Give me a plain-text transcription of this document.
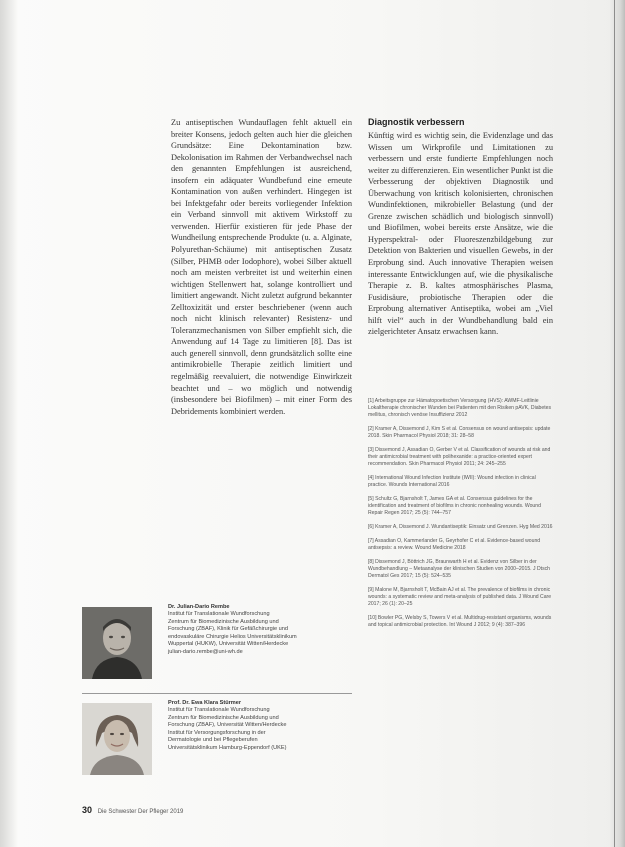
Zu antiseptischen Wundauflagen fehlt aktuell ein breiter Konsens, jedoch gelten auch hier die gleichen Grundsätze: Eine Dekontamination bzw. Dekolonisation im Rahmen der Verbandwechsel nach den genannten Empfehlungen ist ausreichend, insofern ein adäquater Wundbefund eine erneute Kontamination von außen verhindert. Hingegen ist bei Infektgefahr oder bereits vorliegender Infektion ein Verband sinnvoll mit aktivem Wirkstoff zu verwenden. Hierfür existieren für jede Phase der Wundheilung entsprechende Produkte (u. a. Alginate, Polyurethan-Schäume) mit antiseptischen Zusatz (Silber, PHMB oder Iodophore), wobei Silber aktuell noch am meisten verbreitet ist und weiterhin einen wichtigen Stellenwert hat, solange kontrolliert und limitiert angewandt. Nicht zuletzt aufgrund bekannter Zelltoxizität und erster beschriebener (wenn auch noch nicht klinisch relevanter) Resistenz- und Toleranzmechanismen von Silber empfiehlt sich, die Anwendung auf 14 Tage zu limitieren [8]. Das ist auch generell sinnvoll, denn grundsätzlich sollte eine antimikrobielle Therapie zeitlich limitiert und regelmäßig reevaluiert, die notwendige Einwirkzeit beachtet und – wo möglich und notwendig (insbesondere bei Biofilmen) – mit einer Form des Debridements kombiniert werden.

Diagnostik verbessern

Künftig wird es wichtig sein, die Evidenzlage und das Wissen um Wirkprofile und Limitationen zu verbessern und erste fundierte Empfehlungen noch weiter zu differenzieren. Ein wesentlicher Punkt ist die Verbesserung der objektiven Diagnostik und Überwachung von kritisch kolonisierten, chronischen Wundinfektionen, mikrobieller Belastung (und der Grenze zwischen schädlich und biologisch sinnvoll) und Biofilmen, wobei bereits erste Ansätze, wie die Hyperspektral- oder Fluoreszenzbildgebung zur Detektion von Bakterien und visuellen Gewebs, in der Erprobung sind. Auch innovative Therapien weisen interessante Entwicklungen auf, wie die physikalische Therapie z. B. kaltes atmosphärisches Plasma, Fusidisäure, probiotische Therapien oder die Erprobung alternativer Antiseptika, wobei am „Viel hilft viel“ auch in der Wundbehandlung bald ein zielgerichteter Ansatz erwachsen kann.

[1] Arbeitsgruppe zur Hämatopoetischen Versorgung (HVS): AWMF-Leitlinie Lokaltherapie chronischer Wunden bei Patienten mit den Risiken pAVK, Diabetes mellitus, chronisch venöse Insuffizienz 2012

[2] Kramer A, Dissemond J, Kim S et al. Consensus on wound antisepsis: update 2018. Skin Pharmacol Physiol 2018; 31: 28–58

[3] Dissemond J, Assadian O, Gerber V et al. Classification of wounds at risk and their antimicrobial treatment with polihexanide: a practice-oriented expert recommendation. Skin Pharmacol Physiol 2011; 24: 245–255

[4] International Wound Infection Institute (IWII): Wound infection in clinical practice. Wounds International 2016

[5] Schultz G, Bjarnsholt T, James GA et al. Consensus guidelines for the identification and treatment of biofilms in chronic nonhealing wounds. Wound Repair Regen 2017; 25 (5): 744–757

[6] Kramer A, Dissemond J. Wundantiseptik: Einsatz und Grenzen. Hyg Med 2016

[7] Assadian O, Kammerlander G, Geyrhofer C et al. Evidence-based wound antisepsis: a review. Wound Medicine 2018

[8] Dissemond J, Böttrich JG, Braunwarth H et al. Evidenz von Silber in der Wundbehandlung – Metaanalyse der klinischen Studien von 2000–2015. J Dtsch Dermatol Ges 2017; 15 (5): 524–535

[9] Malone M, Bjarnsholt T, McBain AJ et al. The prevalence of biofilms in chronic wounds: a systematic review and meta-analysis of published data. J Wound Care 2017; 26 (1): 20–25

[10] Bowler PG, Welsby S, Towers V et al. Multidrug-resistant organisms, wounds and topical antimicrobial protection. Int Wound J 2012; 9 (4): 387–396

Dr. Julian-Dario Rembe
Institut für Translationale Wundforschung
Zentrum für Biomedizinische Ausbildung und
Forschung (ZBAF), Klinik für Gefäßchirurgie und
endovaskuläre Chirurgie Helios Universitätsklinikum
Wuppertal (HUKW), Universität Witten/Herdecke
julian-dario.rembe@uni-wh.de
Prof. Dr. Ewa Klara Stürmer
Institut für Translationale Wundforschung
Zentrum für Biomedizinische Ausbildung und
Forschung (ZBAF), Universität Witten/Herdecke
Institut für Versorgungsforschung in der
Dermatologie und bei Pflegeberufen
Universitätsklinikum Hamburg-Eppendorf (UKE)
30 Die Schwester Der Pfleger 2019
